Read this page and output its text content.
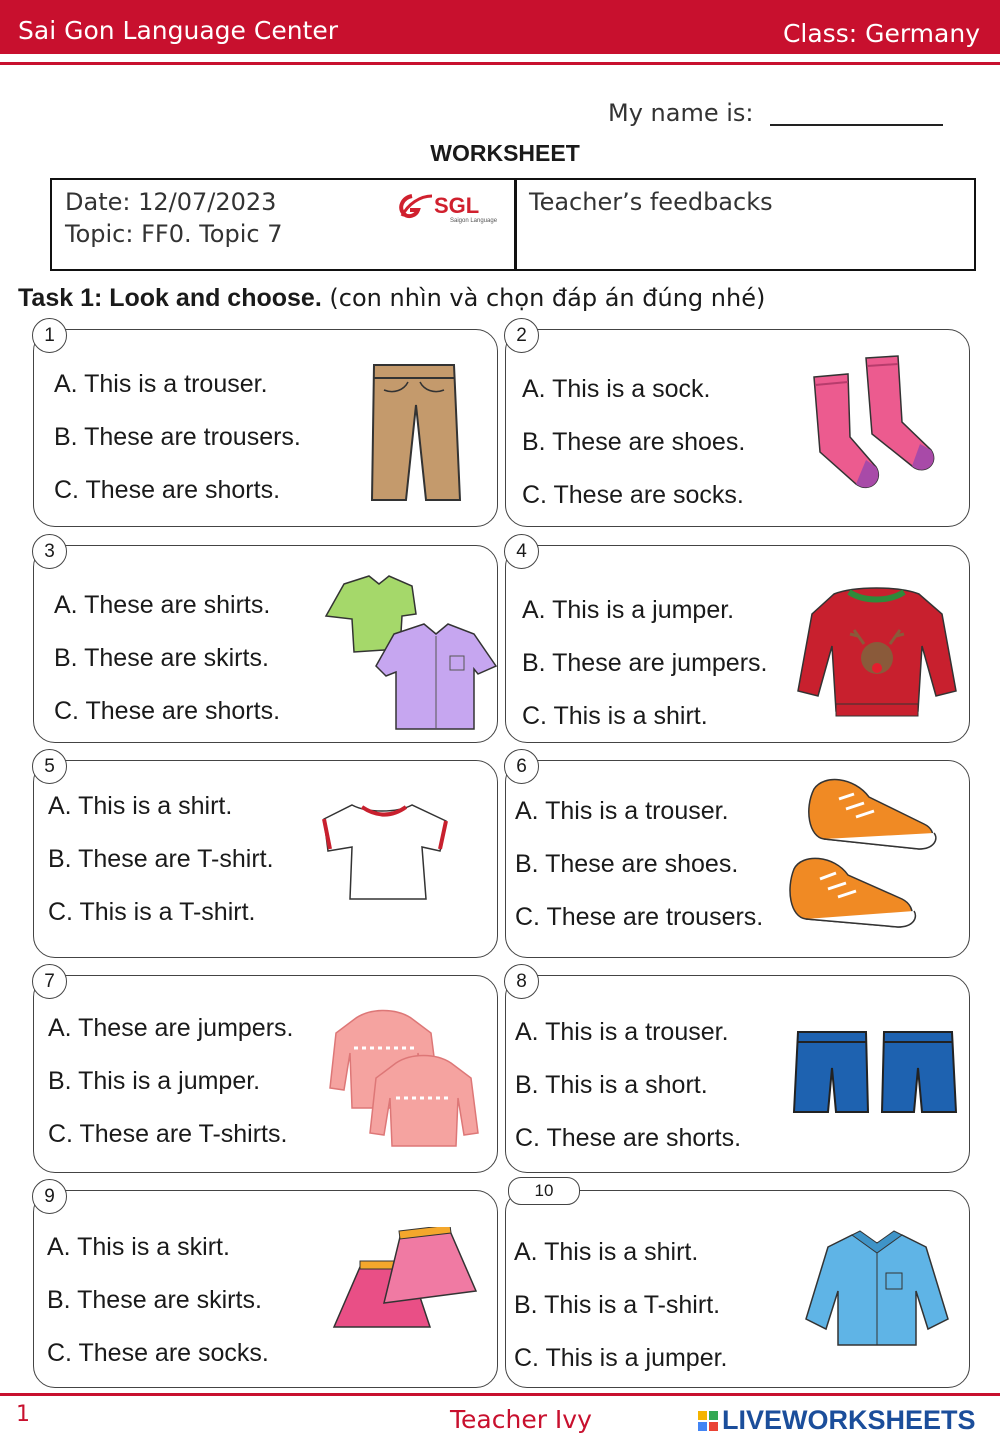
Sai Gon Language Center	Class: Germany
My name is:
WORKSHEET
Date: 12/07/2023
Topic: FF0. Topic 7
SGL
Saigon Language
Teacher’s feedbacks
Task 1: Look and choose. (con nhìn và chọn đáp án đúng nhé)
1
A. This is a trouser.
B. These are trousers.
C. These are shorts.
2
A. This is a sock.
B. These are shoes.
C. These are socks.
3
A. These are shirts.
B. These are skirts.
C. These are shorts.
4
A. This is a jumper.
B. These are jumpers.
C. This is a shirt.
5
A. This is a shirt.
B. These are T-shirt.
C. This is a T-shirt.
6
A. This is a trouser.
B. These are shoes.
C. These are trousers.
7
A. These are jumpers.
B. This is a jumper.
C. These are T-shirts.
8
A. This is a trouser.
B. This is a short.
C. These are shorts.
9
A. This is a skirt.
B. These are skirts.
C. These are socks.
10
A. This is a shirt.
B. This is a T-shirt.
C. This is a jumper.
1	Teacher Ivy	LIVEWORKSHEETS
